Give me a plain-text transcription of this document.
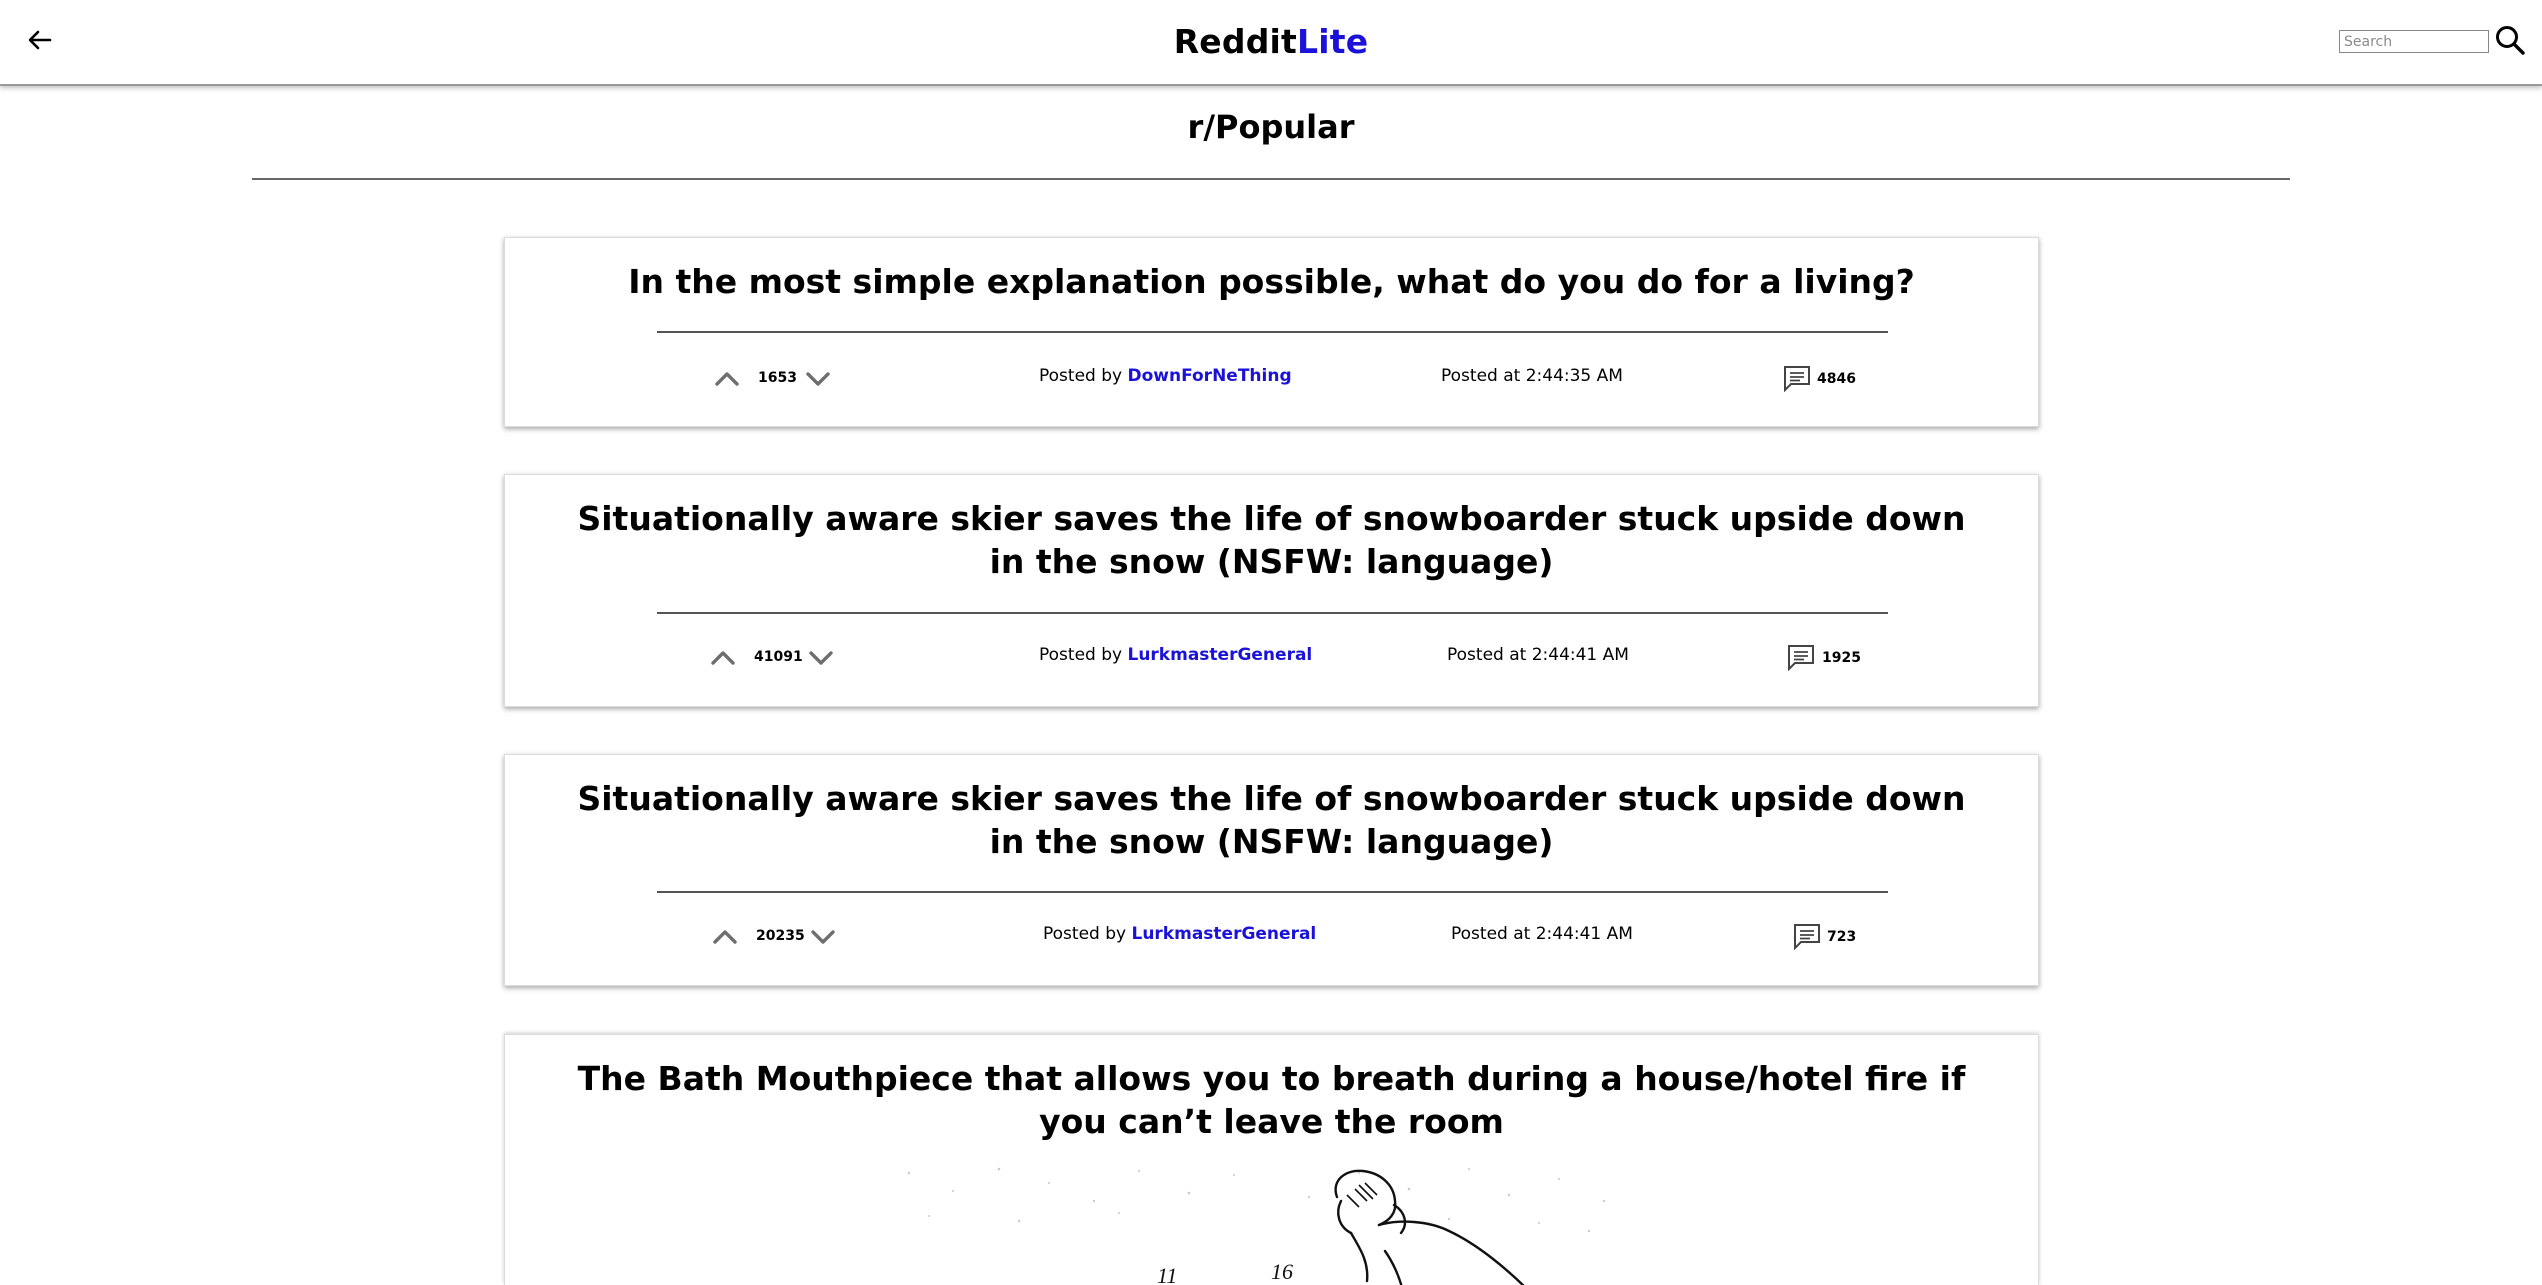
RedditLite
Search
r/Popular
In the most simple explanation possible, what do you do for a living?
1653	Posted by DownForNeThing	Posted at 2:44:35 AM	4846
Situationally aware skier saves the life of snowboarder stuck upside down in the snow (NSFW: language)
41091	Posted by LurkmasterGeneral	Posted at 2:44:41 AM	1925
Situationally aware skier saves the life of snowboarder stuck upside down in the snow (NSFW: language)
20235	Posted by LurkmasterGeneral	Posted at 2:44:41 AM	723
The Bath Mouthpiece that allows you to breath during a house/hotel fire if you can’t leave the room
11	16
